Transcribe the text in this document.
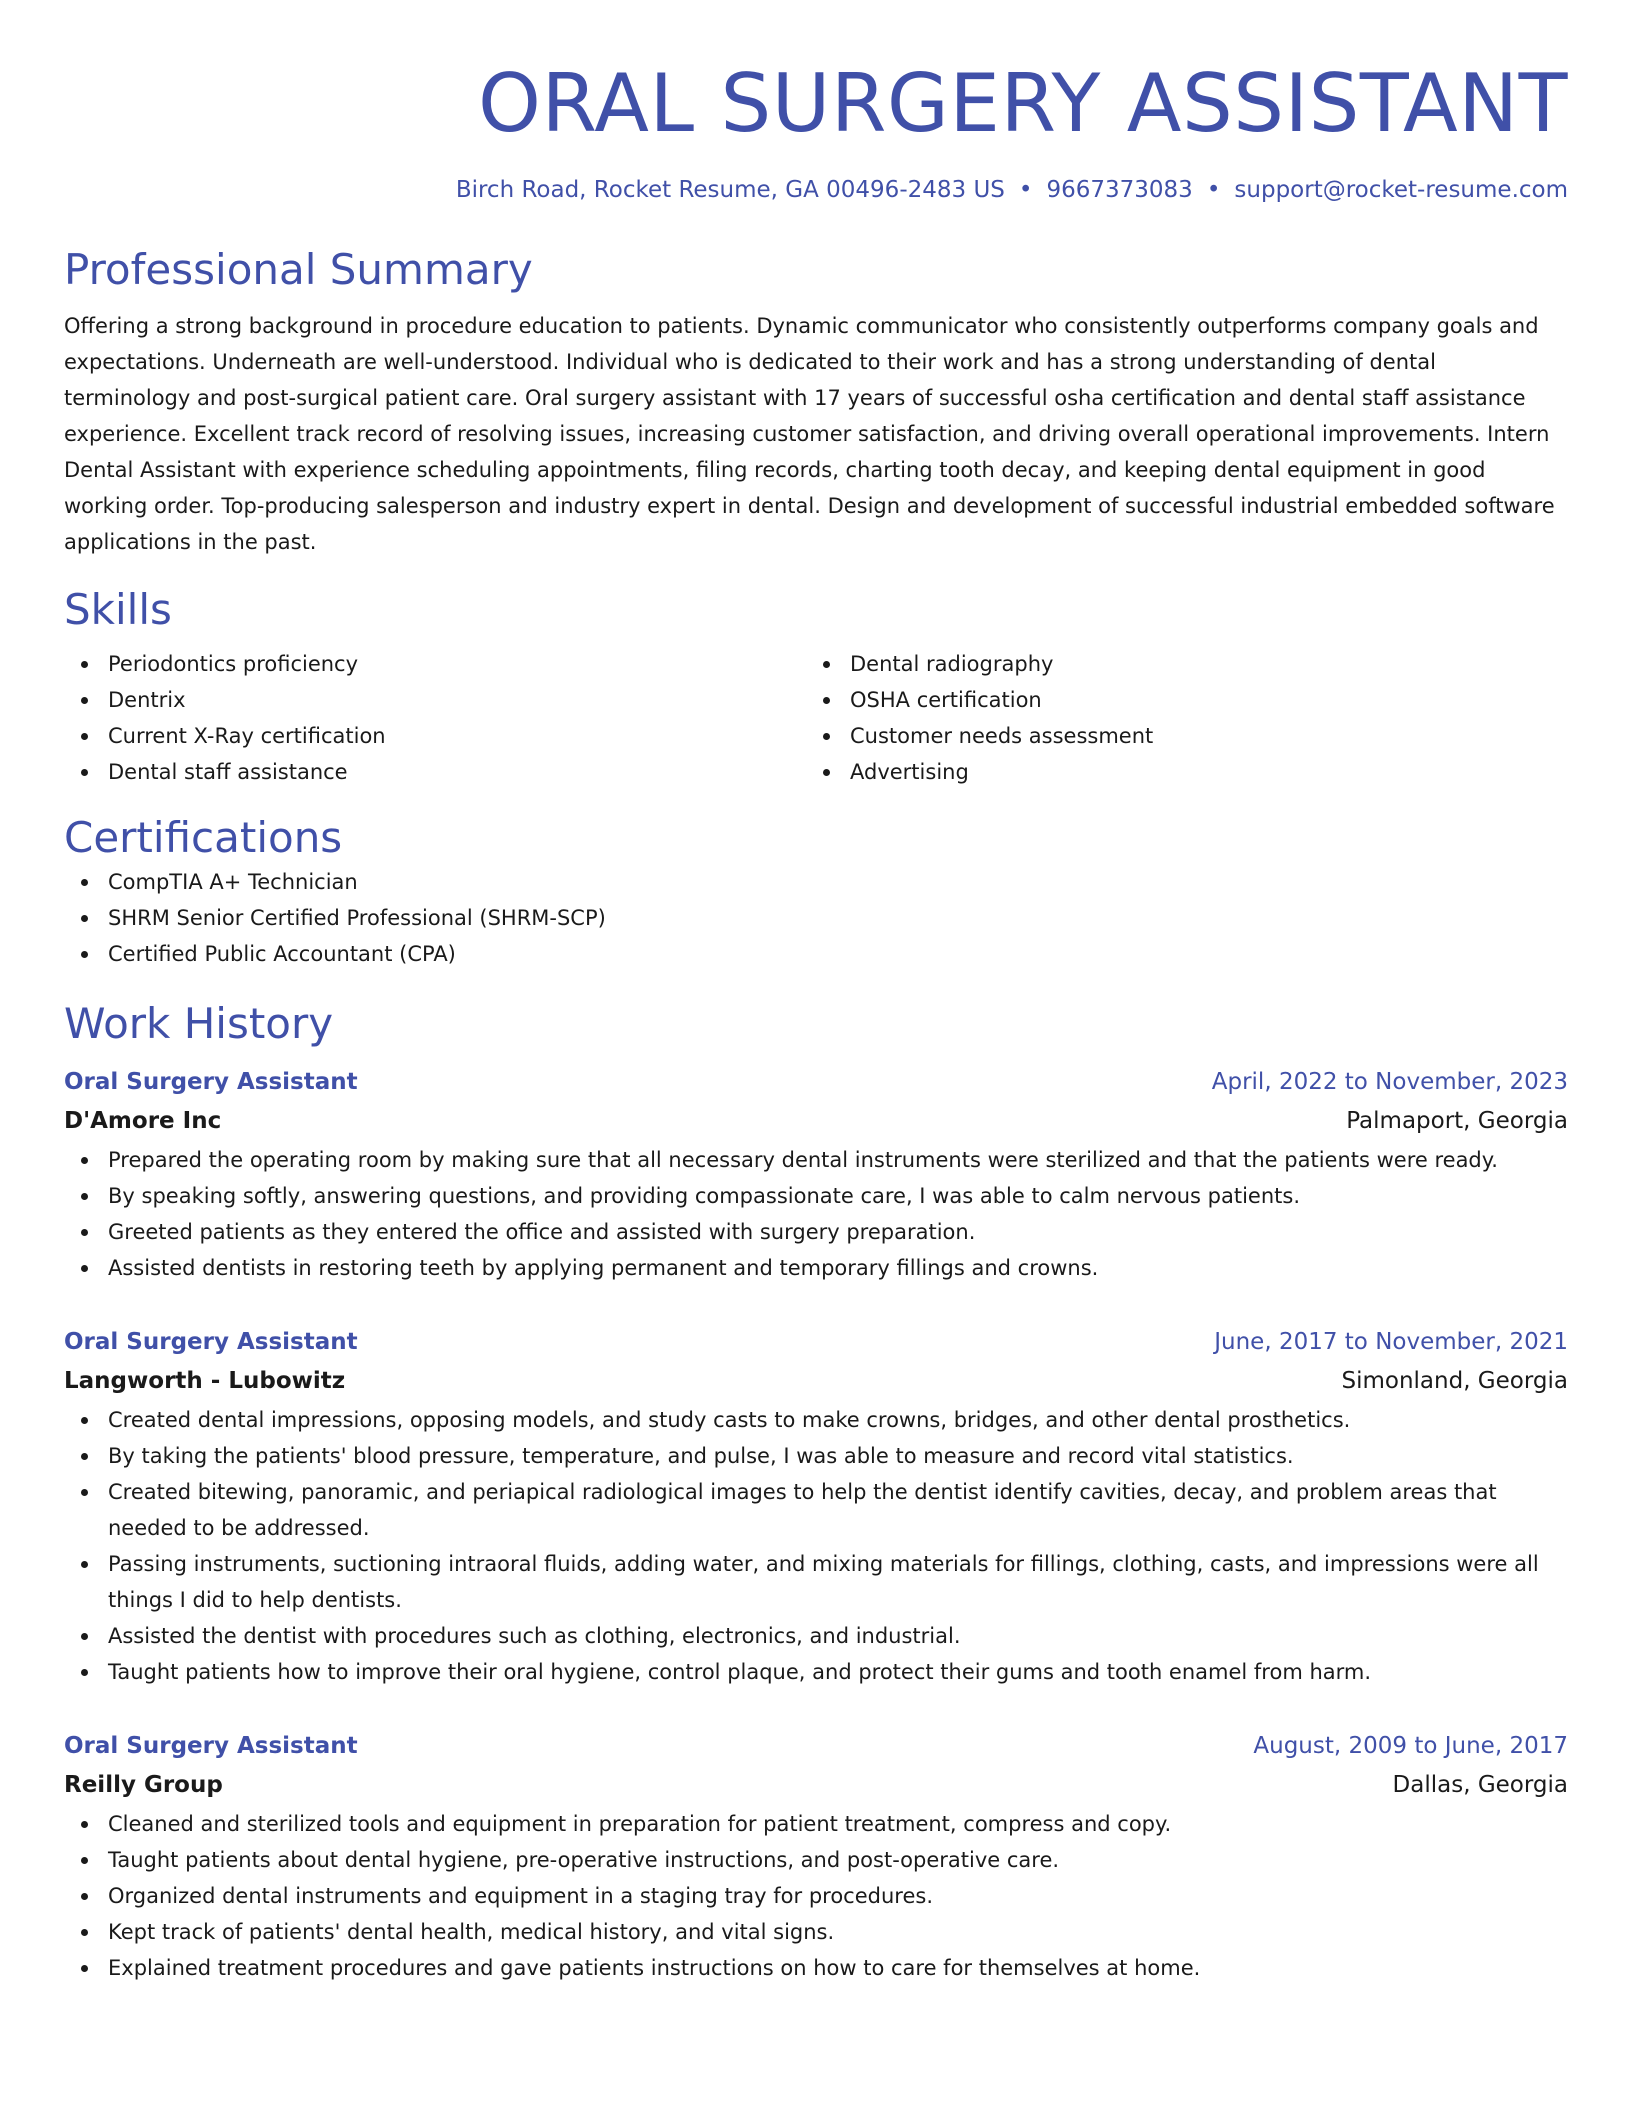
ORAL SURGERY ASSISTANT
Birch Road, Rocket Resume, GA 00496-2483 US • 9667373083 • support@rocket-resume.com
Professional Summary
Offering a strong background in procedure education to patients. Dynamic communicator who consistently outperforms company goals and expectations. Underneath are well-understood. Individual who is dedicated to their work and has a strong understanding of dental terminology and post-surgical patient care. Oral surgery assistant with 17 years of successful osha certification and dental staff assistance experience. Excellent track record of resolving issues, increasing customer satisfaction, and driving overall operational improvements. Intern Dental Assistant with experience scheduling appointments, filing records, charting tooth decay, and keeping dental equipment in good working order. Top-producing salesperson and industry expert in dental. Design and development of successful industrial embedded software applications in the past.
Skills
Periodontics proficiency
Dentrix
Current X-Ray certification
Dental staff assistance
Dental radiography
OSHA certification
Customer needs assessment
Advertising
Certifications
CompTIA A+ Technician
SHRM Senior Certified Professional (SHRM-SCP)
Certified Public Accountant (CPA)
Work History
Oral Surgery Assistant	April, 2022 to November, 2023
D'Amore Inc	Palmaport, Georgia
Prepared the operating room by making sure that all necessary dental instruments were sterilized and that the patients were ready.
By speaking softly, answering questions, and providing compassionate care, I was able to calm nervous patients.
Greeted patients as they entered the office and assisted with surgery preparation.
Assisted dentists in restoring teeth by applying permanent and temporary fillings and crowns.
Oral Surgery Assistant	June, 2017 to November, 2021
Langworth - Lubowitz	Simonland, Georgia
Created dental impressions, opposing models, and study casts to make crowns, bridges, and other dental prosthetics.
By taking the patients' blood pressure, temperature, and pulse, I was able to measure and record vital statistics.
Created bitewing, panoramic, and periapical radiological images to help the dentist identify cavities, decay, and problem areas that needed to be addressed.
Passing instruments, suctioning intraoral fluids, adding water, and mixing materials for fillings, clothing, casts, and impressions were all things I did to help dentists.
Assisted the dentist with procedures such as clothing, electronics, and industrial.
Taught patients how to improve their oral hygiene, control plaque, and protect their gums and tooth enamel from harm.
Oral Surgery Assistant	August, 2009 to June, 2017
Reilly Group	Dallas, Georgia
Cleaned and sterilized tools and equipment in preparation for patient treatment, compress and copy.
Taught patients about dental hygiene, pre-operative instructions, and post-operative care.
Organized dental instruments and equipment in a staging tray for procedures.
Kept track of patients' dental health, medical history, and vital signs.
Explained treatment procedures and gave patients instructions on how to care for themselves at home.
